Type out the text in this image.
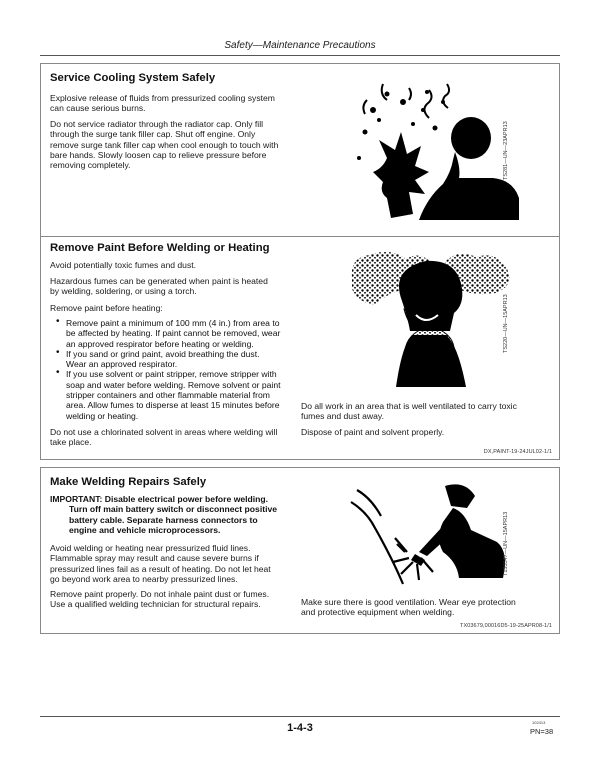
Safety—Maintenance Precautions
Service Cooling System Safely
Explosive release of fluids from pressurized cooling system
can cause serious burns.
Do not service radiator through the radiator cap. Only fill
through the surge tank filler cap. Shut off engine. Only
remove surge tank filler cap when cool enough to touch with
bare hands. Slowly loosen cap to relieve pressure before
removing completely.	TS281—UN—23APR13
Remove Paint Before Welding or Heating
Avoid potentially toxic fumes and dust.
Hazardous fumes can be generated when paint is heated
by welding, soldering, or using a torch.
Remove paint before heating:
• Remove paint a minimum of 100 mm (4 in.) from area to
be affected by heating. If paint cannot be removed, wear
an approved respirator before heating or welding.
• If you sand or grind paint, avoid breathing the dust.
Wear an approved respirator.
• If you use solvent or paint stripper, remove stripper with
soap and water before welding. Remove solvent or paint
stripper containers and other flammable material from
area. Allow fumes to disperse at least 15 minutes before
welding or heating.
Do not use a chlorinated solvent in areas where welding will
take place.
TS220—UN—15APR13
Do all work in an area that is well ventilated to carry toxic
fumes and dust away.
Dispose of paint and solvent properly.
DX,PAINT-19-24JUL02-1/1
Make Welding Repairs Safely
IMPORTANT: Disable electrical power before welding.
Turn off main battery switch or disconnect positive
battery cable. Separate harness connectors to
engine and vehicle microprocessors.
Avoid welding or heating near pressurized fluid lines.
Flammable spray may result and cause severe burns if
pressurized lines fail as a result of heating. Do not let heat
go beyond work area to nearby pressurized lines.
Remove paint properly. Do not inhale paint dust or fumes.
Use a qualified welding technician for structural repairs.
T133547—UN—15APR13
Make sure there is good ventilation. Wear eye protection
and protective equipment when welding.
TX03679,00016D5-19-25APR08-1/1
1-4-3	102413
PN=38
